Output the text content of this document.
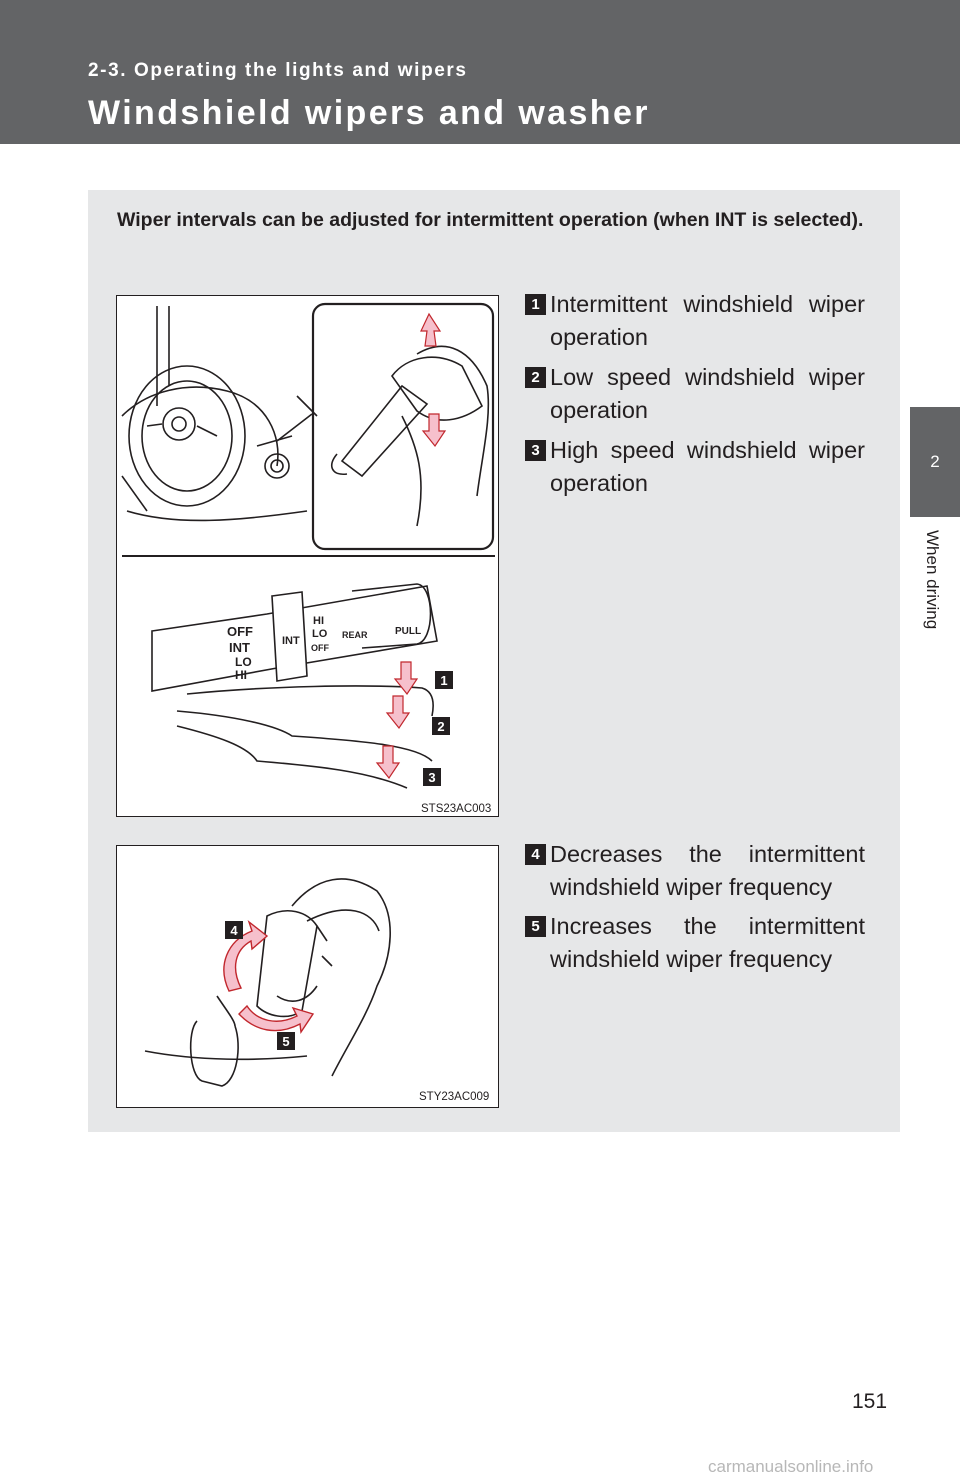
2-3. Operating the lights and wipers
Windshield wipers and washer
2
When driving
Wiper intervals can be adjusted for intermittent operation (when INT is selected).
OFF
INT
LO
HI
INT
HI
LO
OFF
REAR	PULL
1
2
3
STS23AC003
4
5
STY23AC009
1 Intermittent windshield wiper operation
2 Low speed windshield wiper operation
3 High speed windshield wiper operation
4 Decreases the intermittent windshield wiper frequency
5 Increases the intermittent windshield wiper frequency
151
carmanualsonline.info
